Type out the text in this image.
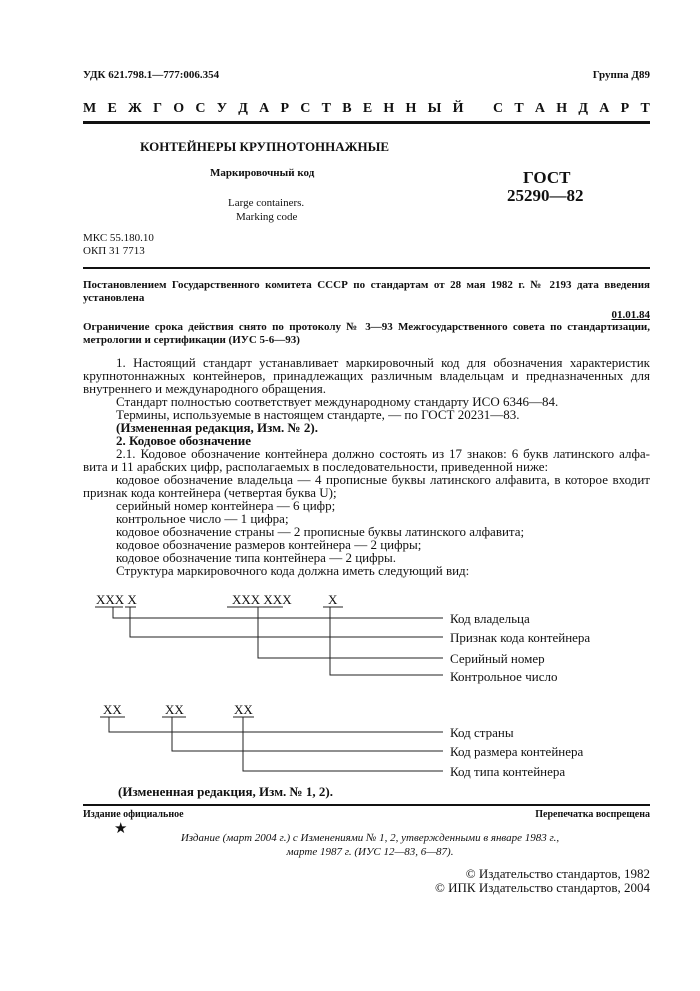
УДК 621.798.1—777:006.354	Группа Д89
М Е Ж Г О С У Д А Р С Т В Е Н Н Ы Й
С Т А Н Д А Р Т
КОНТЕЙНЕРЫ КРУПНОТОННАЖНЫЕ
Маркировочный код
Large containers.
Marking code
ГОСТ
25290—82
МКС 55.180.10
ОКП 31 7713
Постановлением Государственного комитета СССР по стандартам от 28 мая 1982 г. № 2193 дата введения
установлена
01.01.84
Ограничение срока действия снято по протоколу № 3—93 Межгосударственного совета по стандартизации,
метрологии и сертификации (ИУС 5-6—93)
1. Настоящий стандарт устанавливает маркировочный код для обозначения характеристик
крупнотоннажных контейнеров, принадлежащих различным владельцам и предназначенных для
внутреннего и международного обращения.
Стандарт полностью соответствует международному стандарту ИСО 6346—84.
Термины, используемые в настоящем стандарте, — по ГОСТ 20231—83.
(Измененная редакция, Изм. № 2).
2. Кодовое обозначение
2.1. Кодовое обозначение контейнера должно состоять из 17 знаков: 6 букв латинского алфа-
вита и 11 арабских цифр, располагаемых в последовательности, приведенной ниже:
кодовое обозначение владельца — 4 прописные буквы латинского алфавита, в которое входит
признак кода контейнера (четвертая буква U);
серийный номер контейнера — 6 цифр;
контрольное число — 1 цифра;
кодовое обозначение страны — 2 прописные буквы латинского алфавита;
кодовое обозначение размеров контейнера — 2 цифры;
кодовое обозначение типа контейнера — 2 цифры.
Структура маркировочного кода должна иметь следующий вид:
XXX X	XXX XXX	X
Код владельца
Признак кода контейнера
Серийный номер
Контрольное число
XX	XX	XX
Код страны
Код размера контейнера
Код типа контейнера
(Измененная редакция, Изм. № 1, 2).
Издание официальное	Перепечатка воспрещена
★
Издание (март 2004 г.) с Изменениями № 1, 2, утвержденными в январе 1983 г.,
марте 1987 г. (ИУС 12—83, 6—87).
© Издательство стандартов, 1982
© ИПК Издательство стандартов, 2004
